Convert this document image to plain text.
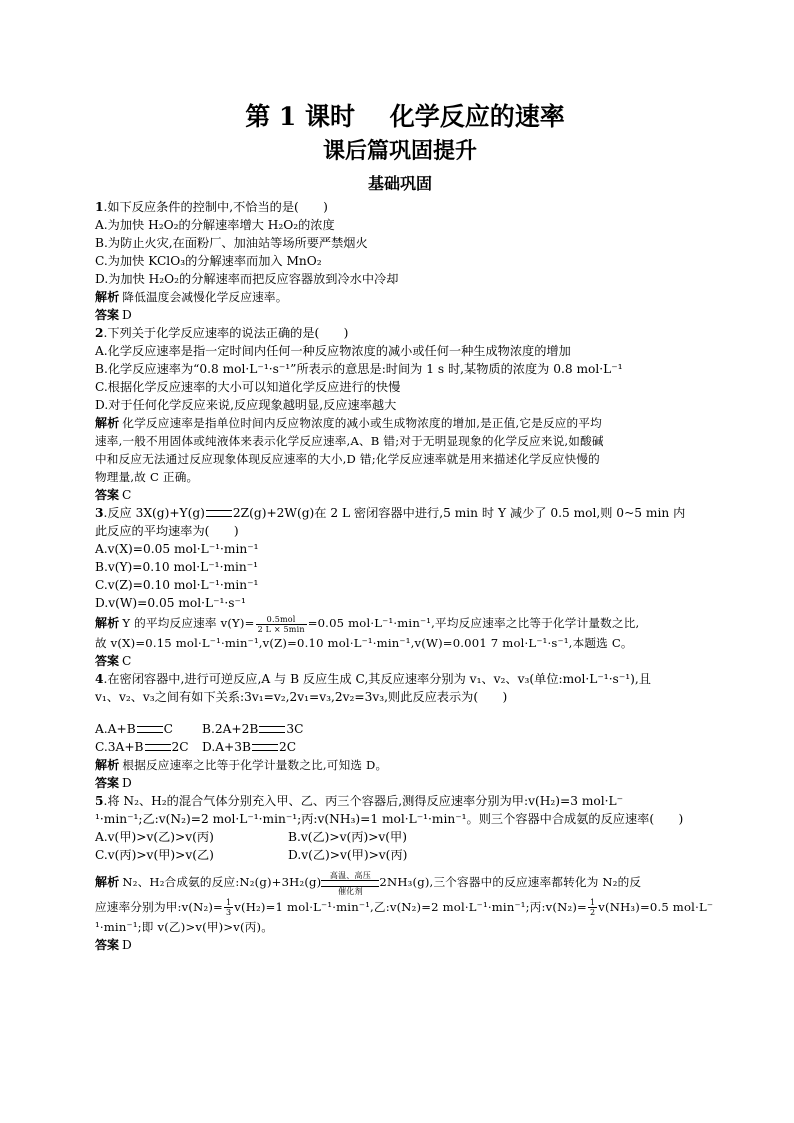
第 1 课时    化学反应的速率
课后篇巩固提升
基础巩固
1.如下反应条件的控制中,不恰当的是(　　)
A.为加快 H₂O₂的分解速率增大 H₂O₂的浓度
B.为防止火灾,在面粉厂、加油站等场所要严禁烟火
C.为加快 KClO₃的分解速率而加入 MnO₂
D.为加快 H₂O₂的分解速率而把反应容器放到冷水中冷却
解析 降低温度会减慢化学反应速率。
答案 D
2.下列关于化学反应速率的说法正确的是(　　)
A.化学反应速率是指一定时间内任何一种反应物浓度的减小或任何一种生成物浓度的增加
B.化学反应速率为“0.8 mol·L⁻¹·s⁻¹”所表示的意思是:时间为 1 s 时,某物质的浓度为 0.8 mol·L⁻¹
C.根据化学反应速率的大小可以知道化学反应进行的快慢
D.对于任何化学反应来说,反应现象越明显,反应速率越大
解析 化学反应速率是指单位时间内反应物浓度的减小或生成物浓度的增加,是正值,它是反应的平均
速率,一般不用固体或纯液体来表示化学反应速率,A、B 错;对于无明显现象的化学反应来说,如酸碱
中和反应无法通过反应现象体现反应速率的大小,D 错;化学反应速率就是用来描述化学反应快慢的
物理量,故 C 正确。
答案 C
3.反应 3X(g)+Y(g) 2Z(g)+2W(g)在 2 L 密闭容器中进行,5 min 时 Y 减少了 0.5 mol,则 0~5 min 内
此反应的平均速率为(　　)
A.v(X)=0.05 mol·L⁻¹·min⁻¹
B.v(Y)=0.10 mol·L⁻¹·min⁻¹
C.v(Z)=0.10 mol·L⁻¹·min⁻¹
D.v(W)=0.05 mol·L⁻¹·s⁻¹
解析 Y 的平均反应速率 $v(Y)= \frac{\text{0.5mol}}{2 L \times 5\min} =0.05$ mol·L⁻¹·min⁻¹,平均反应速率之比等于化学计量数之比,
故 v(X)=0.15 mol·L⁻¹·min⁻¹,v(Z)=0.10 mol·L⁻¹·min⁻¹,v(W)=0.001 7 mol·L⁻¹·s⁻¹,本题选 C。
答案 C
4.在密闭容器中,进行可逆反应,A 与 B 反应生成 C,其反应速率分别为 v₁、v₂、v₃(单位:mol·L⁻¹·s⁻¹),且
v₁、v₂、v₃之间有如下关系:3v₁=v₂,2v₁=v₃,2v₂=3v₃,则此反应表示为(　　)
A.A+B C	B.2A+2B 3C
C.3A+B 2C	D.A+3B 2C
解析 根据反应速率之比等于化学计量数之比,可知选 D。
答案 D
5.将 N₂、H₂的混合气体分别充入甲、乙、丙三个容器后,测得反应速率分别为甲:v(H₂)=3 mol·L⁻
¹·min⁻¹;乙:v(N₂)=2 mol·L⁻¹·min⁻¹;丙:v(NH₃)=1 mol·L⁻¹·min⁻¹。则三个容器中合成氨的反应速率(　　)
A.v(甲)>v(乙)>v(丙)	B.v(乙)>v(丙)>v(甲)
C.v(丙)>v(甲)>v(乙)	D.v(乙)>v(甲)>v(丙)
解析 N₂、H₂合成氨的反应:N₂(g)+3H₂(g) 高温、高压
催化剂2NH₃(g),三个容器中的反应速率都转化为 N₂的反
应速率分别为甲:v(N₂)= $\frac{1}{3} v(H_2)=1$ mol·L⁻¹·min⁻¹,乙:v(N₂)=2 mol·L⁻¹·min⁻¹;丙:v(N₂)= $\frac{1}{2} v(NH_3)=0.5$ mol·L⁻
¹·min⁻¹;即 v(乙)>v(甲)>v(丙)。
答案 D
